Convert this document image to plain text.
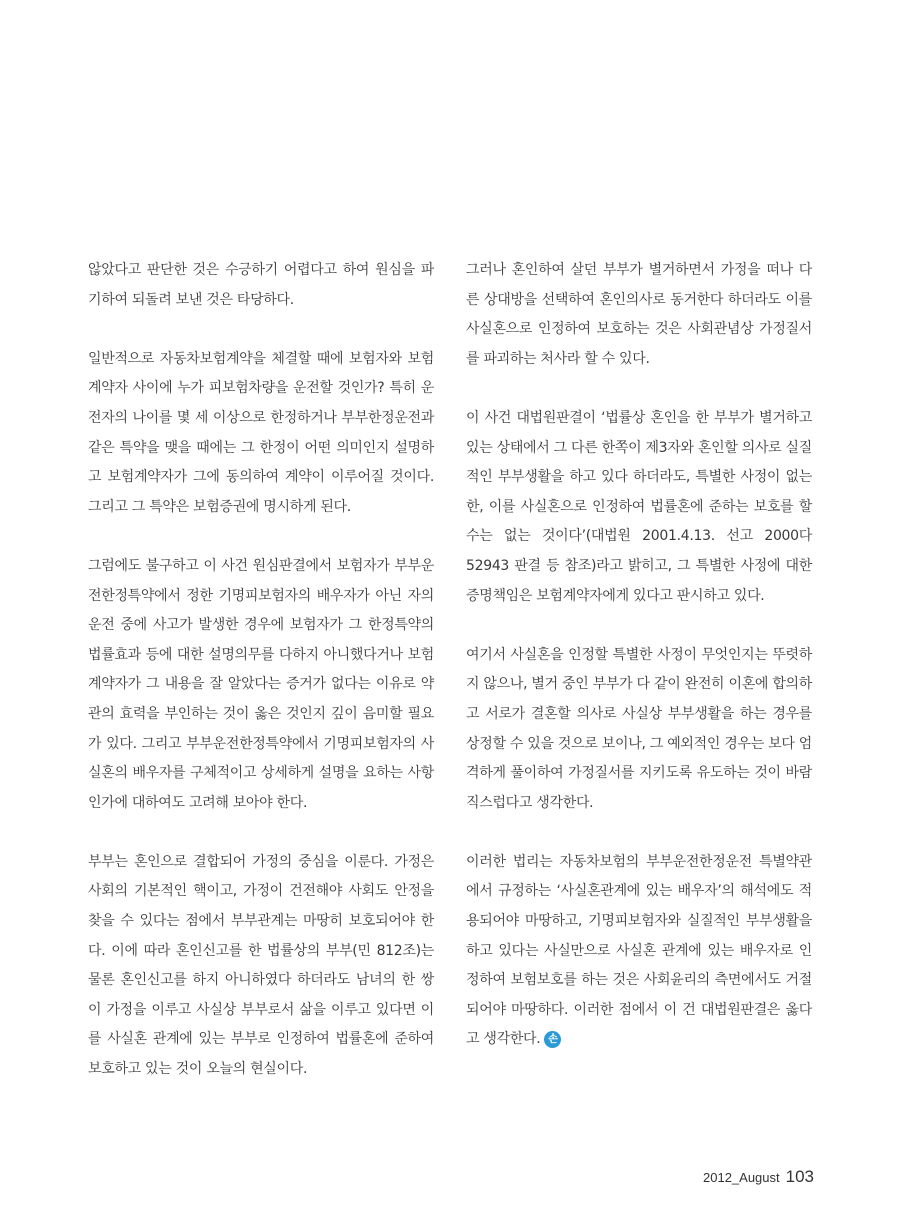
않았다고 판단한 것은 수긍하기 어렵다고 하여 원심을 파기하여 되돌려 보낸 것은 타당하다.

일반적으로 자동차보험계약을 체결할 때에 보험자와 보험계약자 사이에 누가 피보험차량을 운전할 것인가? 특히 운전자의 나이를 몇 세 이상으로 한정하거나 부부한정운전과 같은 특약을 맺을 때에는 그 한정이 어떤 의미인지 설명하고 보험계약자가 그에 동의하여 계약이 이루어질 것이다. 그리고 그 특약은 보험증권에 명시하게 된다.

그럼에도 불구하고 이 사건 원심판결에서 보험자가 부부운전한정특약에서 정한 기명피보험자의 배우자가 아닌 자의 운전 중에 사고가 발생한 경우에 보험자가 그 한정특약의 법률효과 등에 대한 설명의무를 다하지 아니했다거나 보험계약자가 그 내용을 잘 알았다는 증거가 없다는 이유로 약관의 효력을 부인하는 것이 옳은 것인지 깊이 음미할 필요가 있다. 그리고 부부운전한정특약에서 기명피보험자의 사실혼의 배우자를 구체적이고 상세하게 설명을 요하는 사항인가에 대하여도 고려해 보아야 한다.

부부는 혼인으로 결합되어 가정의 중심을 이룬다. 가정은 사회의 기본적인 핵이고, 가정이 건전해야 사회도 안정을 찾을 수 있다는 점에서 부부관계는 마땅히 보호되어야 한다. 이에 따라 혼인신고를 한 법률상의 부부(민 812조)는 물론 혼인신고를 하지 아니하였다 하더라도 남녀의 한 쌍이 가정을 이루고 사실상 부부로서 삶을 이루고 있다면 이를 사실혼 관계에 있는 부부로 인정하여 법률혼에 준하여 보호하고 있는 것이 오늘의 현실이다.

그러나 혼인하여 살던 부부가 별거하면서 가정을 떠나 다른 상대방을 선택하여 혼인의사로 동거한다 하더라도 이를 사실혼으로 인정하여 보호하는 것은 사회관념상 가정질서를 파괴하는 처사라 할 수 있다.

이 사건 대법원판결이 ‘법률상 혼인을 한 부부가 별거하고 있는 상태에서 그 다른 한쪽이 제3자와 혼인할 의사로 실질적인 부부생활을 하고 있다 하더라도, 특별한 사정이 없는 한, 이를 사실혼으로 인정하여 법률혼에 준하는 보호를 할 수는 없는 것이다’(대법원 2001.4.13. 선고 2000다52943 판결 등 참조)라고 밝히고, 그 특별한 사정에 대한 증명책임은 보험계약자에게 있다고 판시하고 있다.

여기서 사실혼을 인정할 특별한 사정이 무엇인지는 뚜렷하지 않으나, 별거 중인 부부가 다 같이 완전히 이혼에 합의하고 서로가 결혼할 의사로 사실상 부부생활을 하는 경우를 상정할 수 있을 것으로 보이나, 그 예외적인 경우는 보다 엄격하게 풀이하여 가정질서를 지키도록 유도하는 것이 바람직스럽다고 생각한다.

이러한 법리는 자동차보험의 부부운전한정운전 특별약관에서 규정하는 ‘사실혼관계에 있는 배우자’의 해석에도 적용되어야 마땅하고, 기명피보험자와 실질적인 부부생활을 하고 있다는 사실만으로 사실혼 관계에 있는 배우자로 인정하여 보험보호를 하는 것은 사회윤리의 측면에서도 거절되어야 마땅하다. 이러한 점에서 이 건 대법원판결은 옳다고 생각한다. 손해

2012_August 103
